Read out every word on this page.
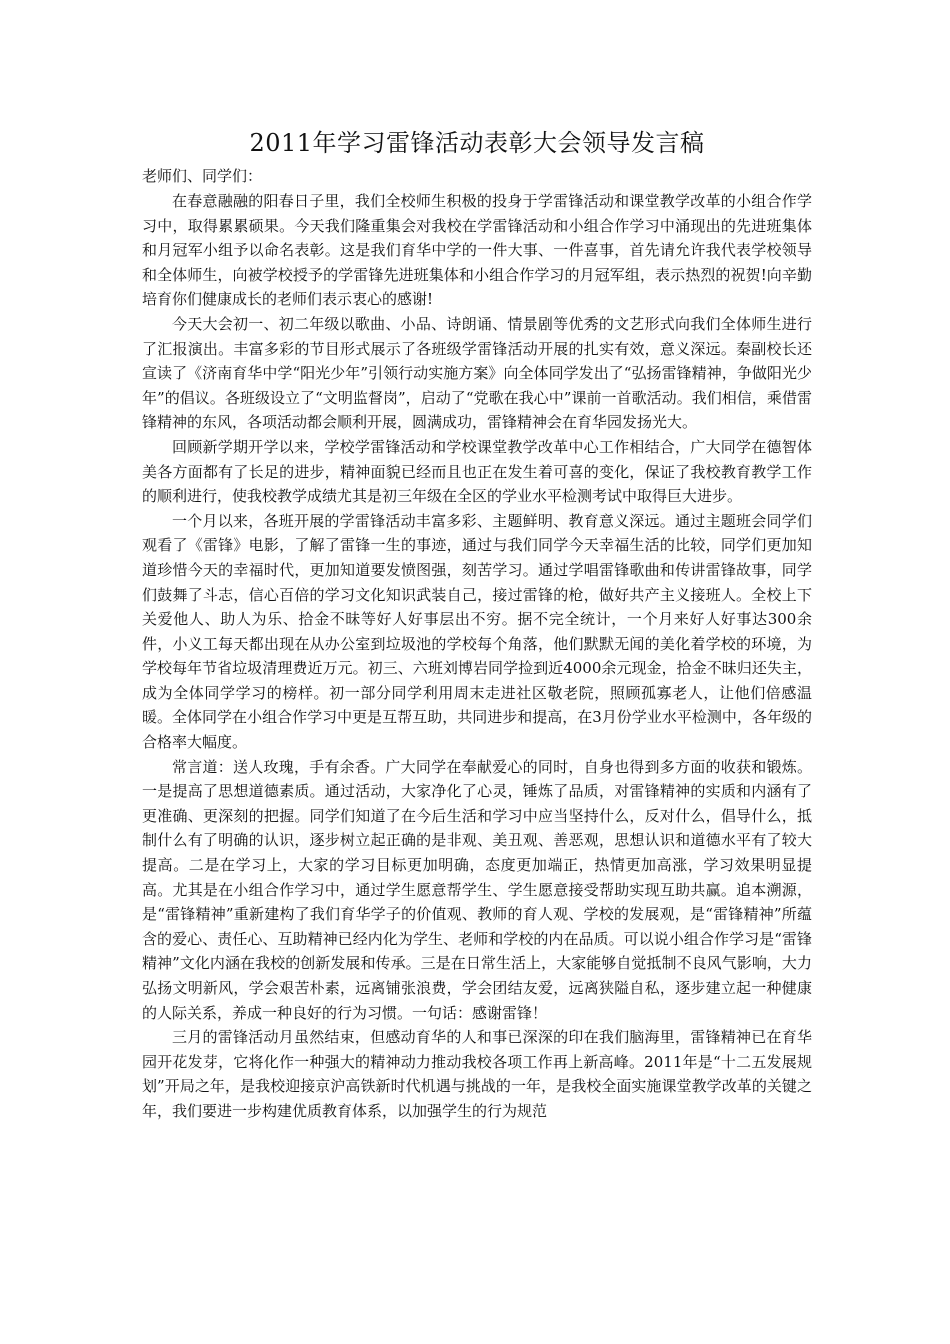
2011年学习雷锋活动表彰大会领导发言稿

老师们、同学们：

在春意融融的阳春日子里，我们全校师生积极的投身于学雷锋活动和课堂教学改革的小组合作学习中，取得累累硕果。今天我们隆重集会对我校在学雷锋活动和小组合作学习中涌现出的先进班集体和月冠军小组予以命名表彰。这是我们育华中学的一件大事、一件喜事，首先请允许我代表学校领导和全体师生，向被学校授予的学雷锋先进班集体和小组合作学习的月冠军组，表示热烈的祝贺!向辛勤培育你们健康成长的老师们表示衷心的感谢!

今天大会初一、初二年级以歌曲、小品、诗朗诵、情景剧等优秀的文艺形式向我们全体师生进行了汇报演出。丰富多彩的节目形式展示了各班级学雷锋活动开展的扎实有效，意义深远。秦副校长还宣读了《济南育华中学“阳光少年”引领行动实施方案》向全体同学发出了“弘扬雷锋精神，争做阳光少年”的倡议。各班级设立了“文明监督岗”，启动了“党歌在我心中”课前一首歌活动。我们相信，乘借雷锋精神的东风，各项活动都会顺利开展，圆满成功，雷锋精神会在育华园发扬光大。

回顾新学期开学以来，学校学雷锋活动和学校课堂教学改革中心工作相结合，广大同学在德智体美各方面都有了长足的进步，精神面貌已经而且也正在发生着可喜的变化，保证了我校教育教学工作的顺利进行，使我校教学成绩尤其是初三年级在全区的学业水平检测考试中取得巨大进步。

一个月以来，各班开展的学雷锋活动丰富多彩、主题鲜明、教育意义深远。通过主题班会同学们观看了《雷锋》电影，了解了雷锋一生的事迹，通过与我们同学今天幸福生活的比较，同学们更加知道珍惜今天的幸福时代，更加知道要发愤图强，刻苦学习。通过学唱雷锋歌曲和传讲雷锋故事，同学们鼓舞了斗志，信心百倍的学习文化知识武装自己，接过雷锋的枪，做好共产主义接班人。全校上下关爱他人、助人为乐、拾金不昧等好人好事层出不穷。据不完全统计，一个月来好人好事达300余件，小义工每天都出现在从办公室到垃圾池的学校每个角落，他们默默无闻的美化着学校的环境，为学校每年节省垃圾清理费近万元。初三、六班刘博岩同学捡到近4000余元现金，拾金不昧归还失主，成为全体同学学习的榜样。初一部分同学利用周末走进社区敬老院，照顾孤寡老人，让他们倍感温暖。全体同学在小组合作学习中更是互帮互助，共同进步和提高，在3月份学业水平检测中，各年级的合格率大幅度。

常言道：送人玫瑰，手有余香。广大同学在奉献爱心的同时，自身也得到多方面的收获和锻炼。一是提高了思想道德素质。通过活动，大家净化了心灵，锤炼了品质，对雷锋精神的实质和内涵有了更准确、更深刻的把握。同学们知道了在今后生活和学习中应当坚持什么，反对什么，倡导什么，抵制什么有了明确的认识，逐步树立起正确的是非观、美丑观、善恶观，思想认识和道德水平有了较大提高。二是在学习上，大家的学习目标更加明确，态度更加端正，热情更加高涨，学习效果明显提高。尤其是在小组合作学习中，通过学生愿意帮学生、学生愿意接受帮助实现互助共赢。追本溯源，是“雷锋精神”重新建构了我们育华学子的价值观、教师的育人观、学校的发展观，是“雷锋精神”所蕴含的爱心、责任心、互助精神已经内化为学生、老师和学校的内在品质。可以说小组合作学习是“雷锋精神”文化内涵在我校的创新发展和传承。三是在日常生活上，大家能够自觉抵制不良风气影响，大力弘扬文明新风，学会艰苦朴素，远离铺张浪费，学会团结友爱，远离狭隘自私，逐步建立起一种健康的人际关系，养成一种良好的行为习惯。一句话：感谢雷锋！

三月的雷锋活动月虽然结束，但感动育华的人和事已深深的印在我们脑海里，雷锋精神已在育华园开花发芽，它将化作一种强大的精神动力推动我校各项工作再上新高峰。2011年是“十二五发展规划”开局之年，是我校迎接京沪高铁新时代机遇与挑战的一年，是我校全面实施课堂教学改革的关键之年，我们要进一步构建优质教育体系，以加强学生的行为规范
